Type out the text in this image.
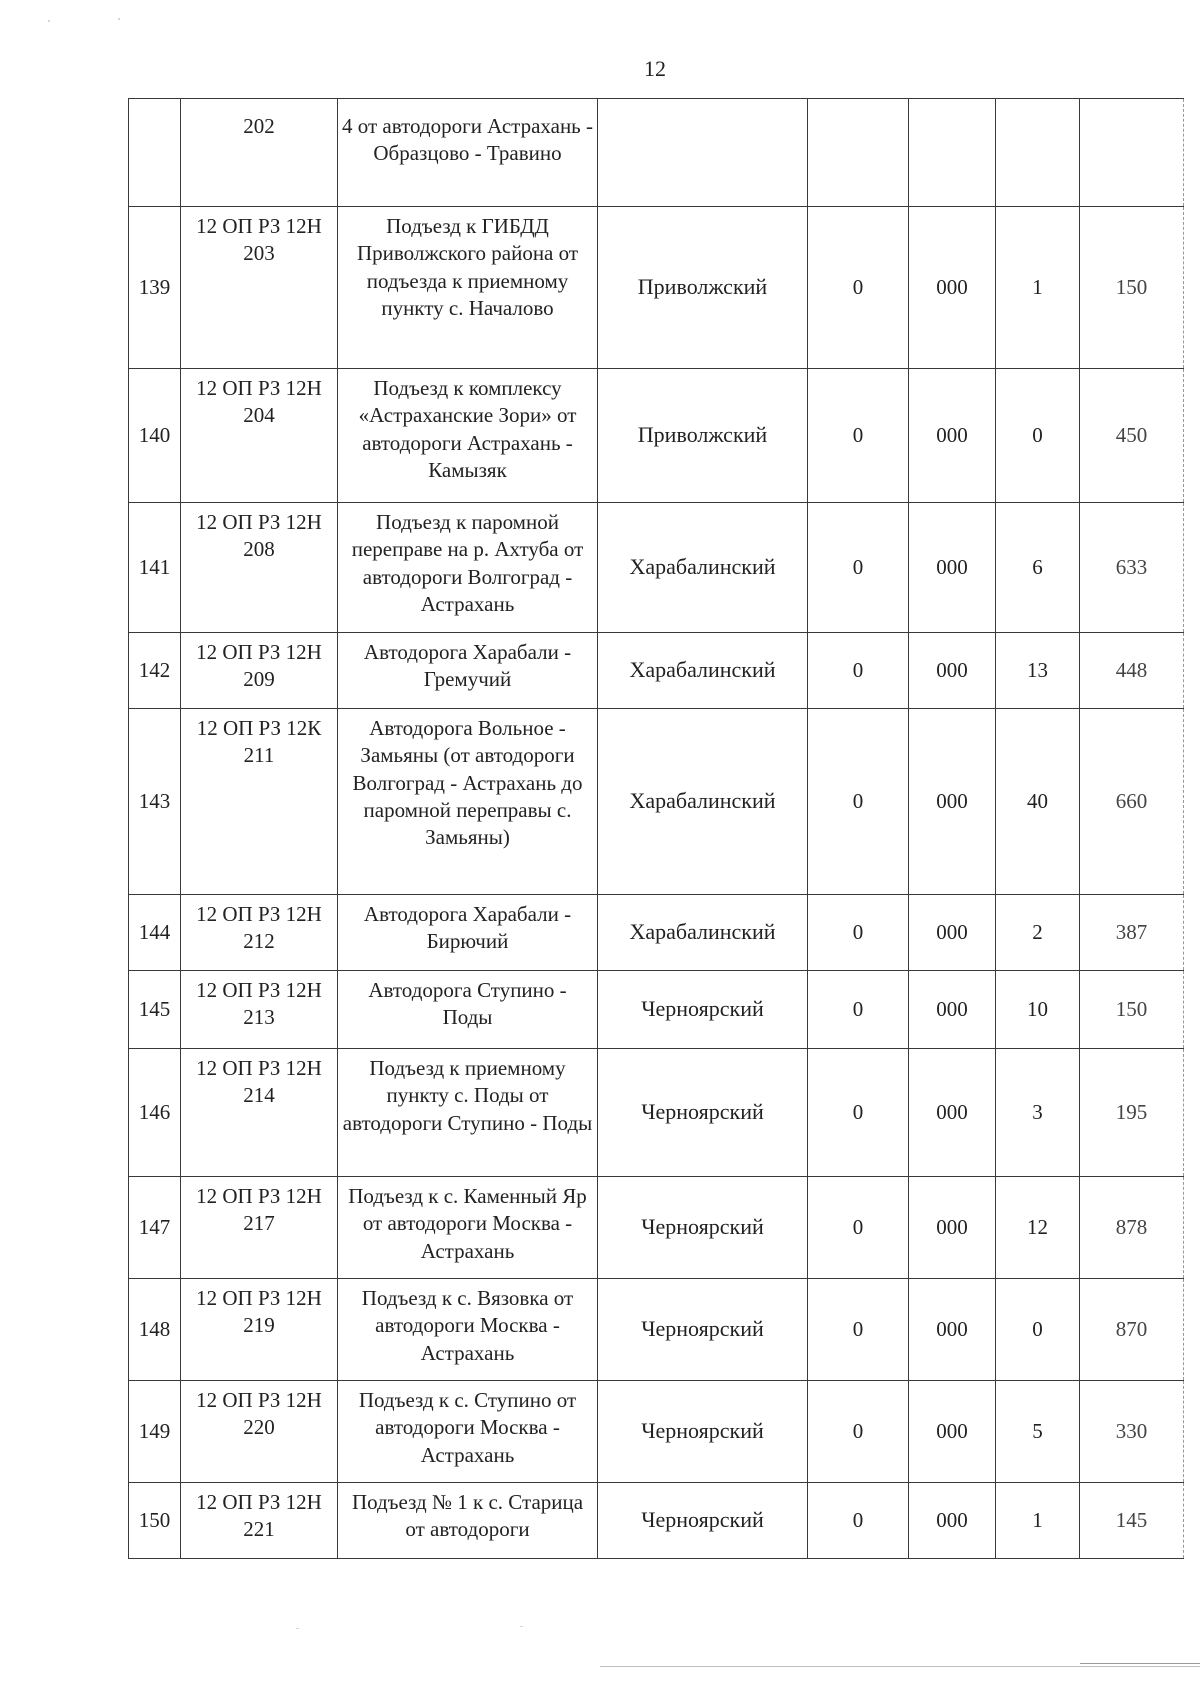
12
	202	4 от автодороги Астрахань - Образцово - Травино					
139	12 ОП РЗ 12Н 203	Подъезд к ГИБДД Приволжского района от подъезда к приемному пункту с. Началово	Приволжский	0	000	1	150
140	12 ОП РЗ 12Н 204	Подъезд к комплексу «Астраханские Зори» от автодороги Астрахань - Камызяк	Приволжский	0	000	0	450
141	12 ОП РЗ 12Н 208	Подъезд к паромной переправе на р. Ахтуба от автодороги Волгоград - Астрахань	Харабалинский	0	000	6	633
142	12 ОП РЗ 12Н 209	Автодорога Харабали - Гремучий	Харабалинский	0	000	13	448
143	12 ОП РЗ 12К 211	Автодорога Вольное - Замьяны (от автодороги Волгоград - Астрахань до паромной переправы с. Замьяны)	Харабалинский	0	000	40	660
144	12 ОП РЗ 12Н 212	Автодорога Харабали - Бирючий	Харабалинский	0	000	2	387
145	12 ОП РЗ 12Н 213	Автодорога Ступино - Поды	Черноярский	0	000	10	150
146	12 ОП РЗ 12Н 214	Подъезд к приемному пункту с. Поды от автодороги Ступино - Поды	Черноярский	0	000	3	195
147	12 ОП РЗ 12Н 217	Подъезд к с. Каменный Яр от автодороги Москва - Астрахань	Черноярский	0	000	12	878
148	12 ОП РЗ 12Н 219	Подъезд к с. Вязовка от автодороги Москва - Астрахань	Черноярский	0	000	0	870
149	12 ОП РЗ 12Н 220	Подъезд к с. Ступино от автодороги Москва - Астрахань	Черноярский	0	000	5	330
150	12 ОП РЗ 12Н 221	Подъезд № 1 к с. Старица от автодороги	Черноярский	0	000	1	145
